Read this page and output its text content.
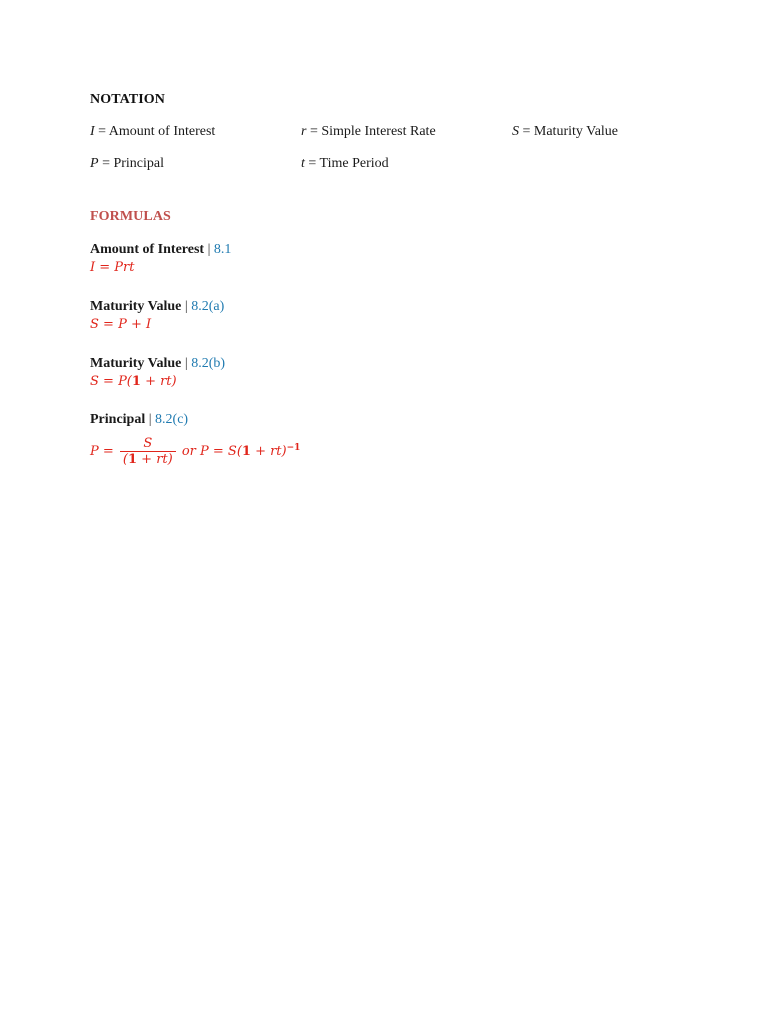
NOTATION
I = Amount of Interest	r = Simple Interest Rate	S = Maturity Value
P = Principal	t = Time Period
FORMULAS
Amount of Interest | 8.1
I = Prt
Maturity Value | 8.2(a)
S = P + I
Maturity Value | 8.2(b)
S = P(1 + rt)
Principal | 8.2(c)
$P = \frac{S}{(1 + rt)}$ or P = S(1 + rt)$^{-1}$
